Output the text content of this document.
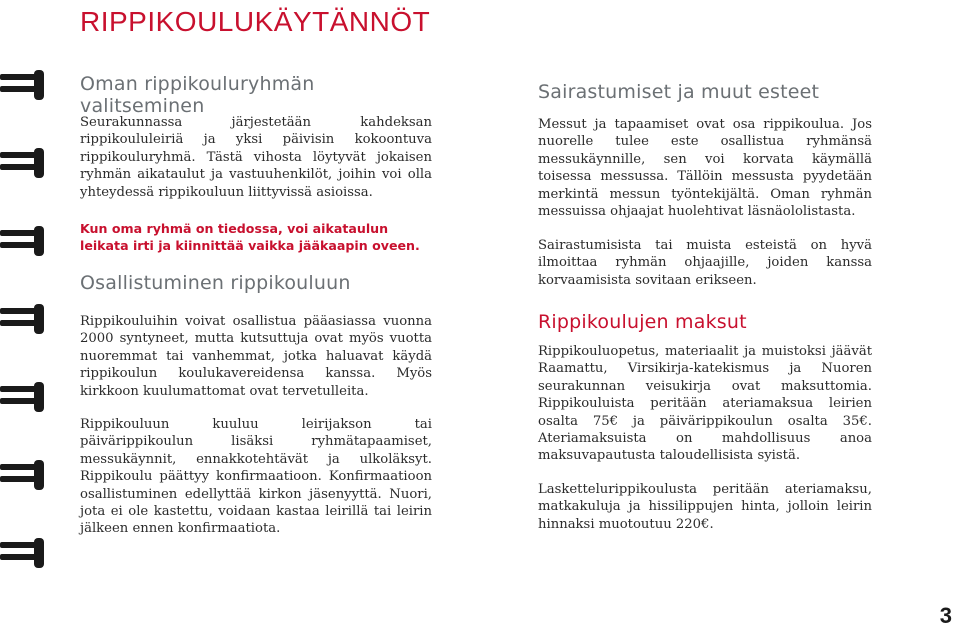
RIPPIKOULUKÄYTÄNNÖT
Oman rippikouluryhmän valitseminen

Seurakunnassa järjestetään kahdeksan rippikoululeiriä ja yksi päivisin kokoontuva rippikouluryhmä. Tästä vihosta löytyvät jokaisen ryhmän aikataulut ja vastuuhenkilöt, joihin voi olla yhteydessä rippikouluun liittyvissä asioissa.

Kun oma ryhmä on tiedossa, voi aikataulun leikata irti ja kiinnittää vaikka jääkaapin oveen.

Osallistuminen rippikouluun

Rippikouluihin voivat osallistua pääasiassa vuonna 2000 syntyneet, mutta kutsuttuja ovat myös vuotta nuoremmat tai vanhemmat, jotka haluavat käydä rippikoulun koulukavereidensa kanssa. Myös kirkkoon kuulumattomat ovat tervetulleita.

Rippikouluun kuuluu leirijakson tai päivärippikoulun lisäksi ryhmätapaamiset, messukäynnit, ennakkotehtävät ja ulkoläksyt. Rippikoulu päättyy konfirmaatioon. Konfirmaatioon osallistuminen edellyttää kirkon jäsenyyttä. Nuori, jota ei ole kastettu, voidaan kastaa leirillä tai leirin jälkeen ennen konfirmaatiota.

Sairastumiset ja muut esteet

Messut ja tapaamiset ovat osa rippikoulua. Jos nuorelle tulee este osallistua ryhmänsä messukäynnille, sen voi korvata käymällä toisessa messussa. Tällöin messusta pyydetään merkintä messun työntekijältä. Oman ryhmän messuissa ohjaajat huolehtivat läsnäololistasta.

Sairastumisista tai muista esteistä on hyvä ilmoittaa ryhmän ohjaajille, joiden kanssa korvaamisista sovitaan erikseen.

Rippikoulujen maksut

Rippikouluopetus, materiaalit ja muistoksi jäävät Raamattu, Virsikirja-katekismus ja Nuoren seurakunnan veisukirja ovat maksuttomia. Rippikouluista peritään ateriamaksua leirien osalta 75€ ja päivärippikoulun osalta 35€. Ateriamaksuista on mahdollisuus anoa maksuvapautusta taloudellisista syistä.

Laskettelurippikoulusta peritään ateriamaksu, matkakuluja ja hissilippujen hinta, jolloin leirin hinnaksi muotoutuu 220€.

3
